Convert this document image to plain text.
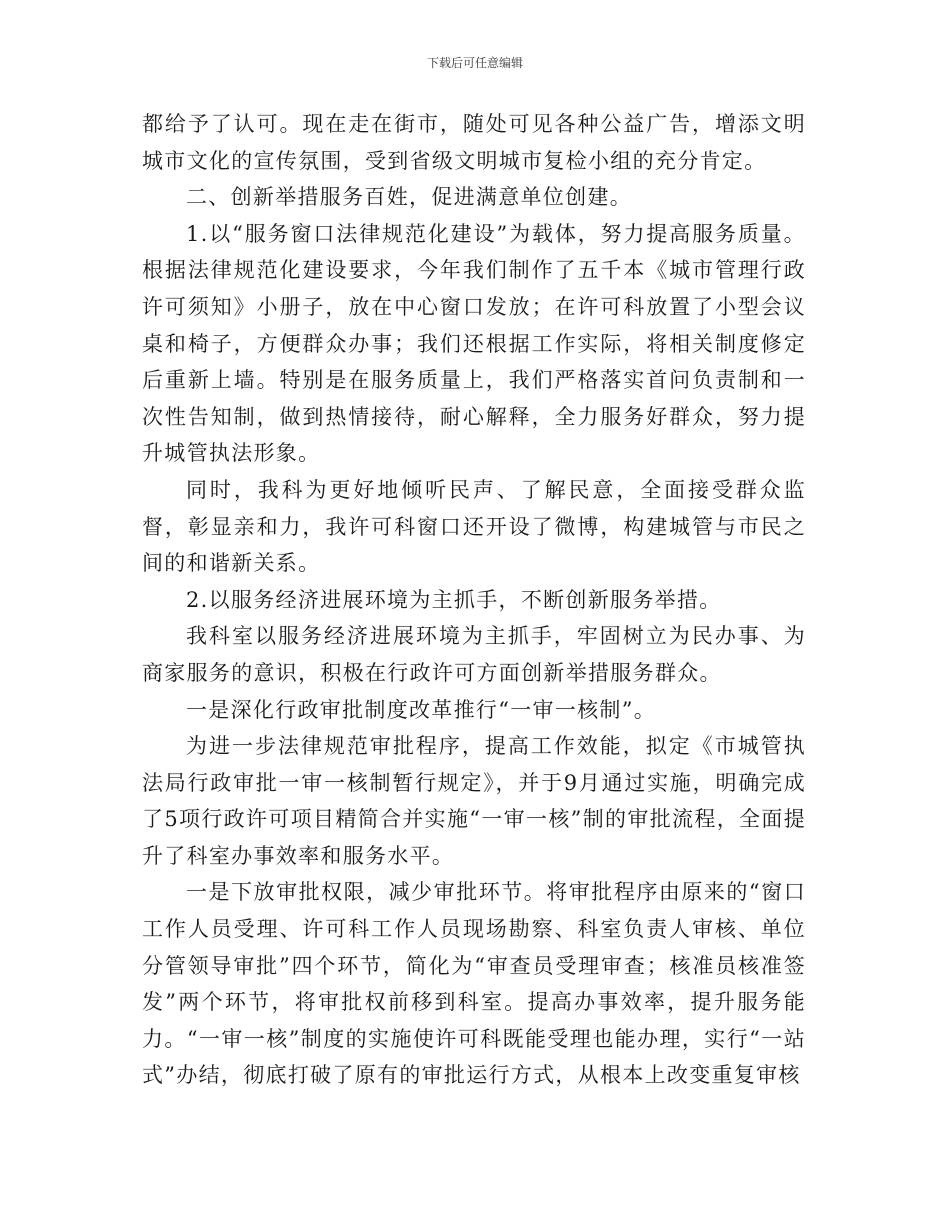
下载后可任意编辑

都给予了认可。现在走在街市，随处可见各种公益广告，增添文明城市文化的宣传氛围，受到省级文明城市复检小组的充分肯定。

二、创新举措服务百姓，促进满意单位创建。

1.以“服务窗口法律规范化建设”为载体，努力提高服务质量。根据法律规范化建设要求，今年我们制作了五千本《城市管理行政许可须知》小册子，放在中心窗口发放；在许可科放置了小型会议桌和椅子，方便群众办事；我们还根据工作实际，将相关制度修定后重新上墙。特别是在服务质量上，我们严格落实首问负责制和一次性告知制，做到热情接待，耐心解释，全力服务好群众，努力提升城管执法形象。

同时，我科为更好地倾听民声、了解民意，全面接受群众监督，彰显亲和力，我许可科窗口还开设了微博，构建城管与市民之间的和谐新关系。

2.以服务经济进展环境为主抓手，不断创新服务举措。

我科室以服务经济进展环境为主抓手，牢固树立为民办事、为商家服务的意识，积极在行政许可方面创新举措服务群众。

一是深化行政审批制度改革推行“一审一核制”。

为进一步法律规范审批程序，提高工作效能，拟定《市城管执法局行政审批一审一核制暂行规定》，并于9月通过实施，明确完成了5项行政许可项目精简合并实施“一审一核”制的审批流程，全面提升了科室办事效率和服务水平。

一是下放审批权限，减少审批环节。将审批程序由原来的“窗口工作人员受理、许可科工作人员现场勘察、科室负责人审核、单位分管领导审批”四个环节，简化为“审查员受理审查；核准员核准签发”两个环节，将审批权前移到科室。提高办事效率，提升服务能力。“一审一核”制度的实施使许可科既能受理也能办理，实行“一站式”办结，彻底打破了原有的审批运行方式，从根本上改变重复审核
